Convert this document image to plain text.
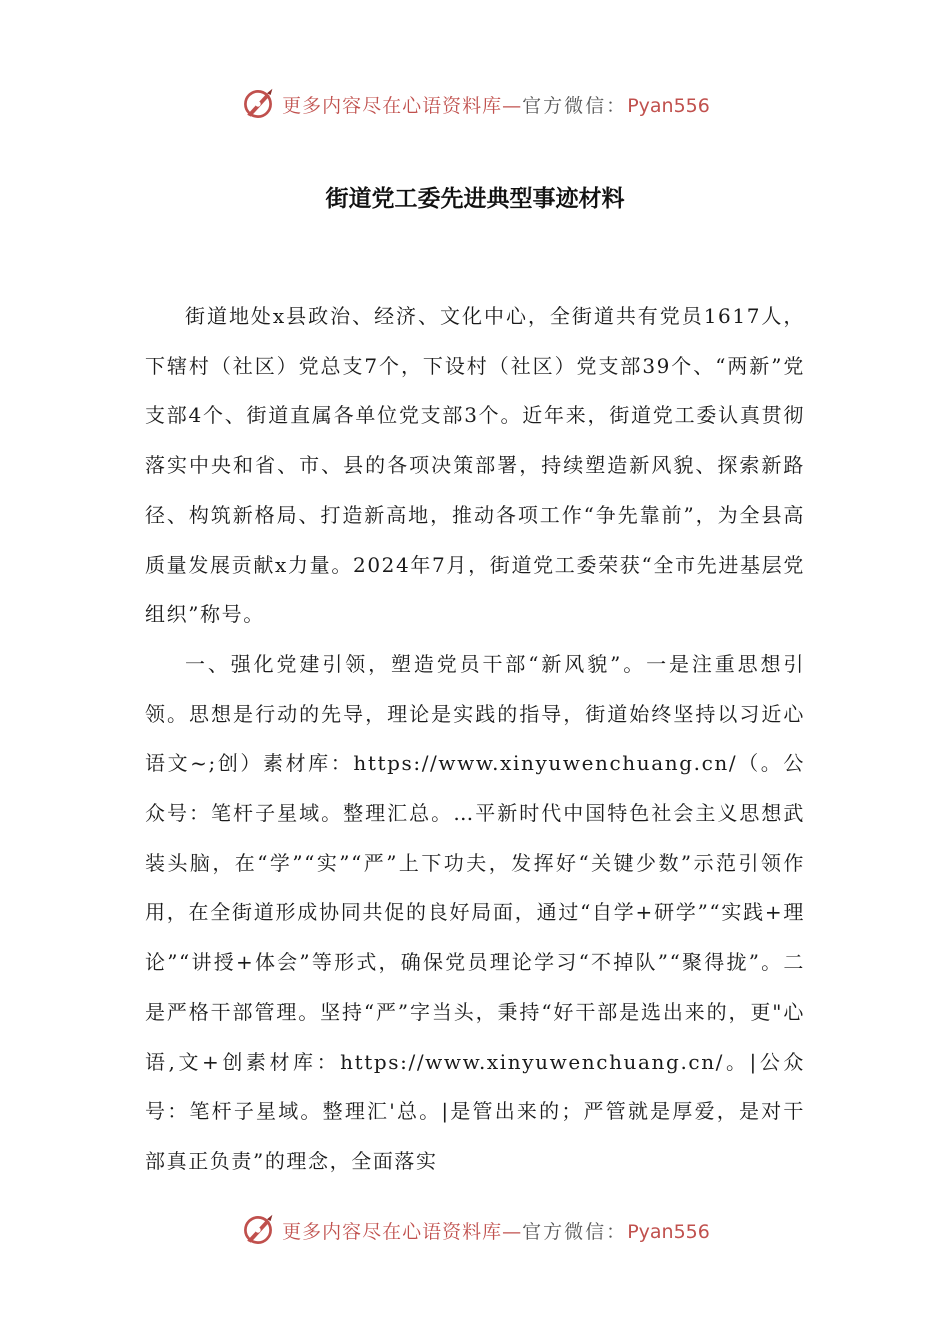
更多内容尽在心语资料库—官方微信：Pyan556
街道党工委先进典型事迹材料

街道地处x县政治、经济、文化中心，全街道共有党员1617人，下辖村（社区）党总支7个，下设村（社区）党支部39个、“两新”党支部4个、街道直属各单位党支部3个。近年来，街道党工委认真贯彻落实中央和省、市、县的各项决策部署，持续塑造新风貌、探索新路径、构筑新格局、打造新高地，推动各项工作“争先靠前”，为全县高质量发展贡献x力量。2024年7月，街道党工委荣获“全市先进基层党组织”称号。

一、强化党建引领，塑造党员干部“新风貌”。一是注重思想引领。思想是行动的先导，理论是实践的指导，街道始终坚持以习近心语文~;创）素材库：https://www.xinyuwenchuang.cn/（。公众号：笔杆子星域。整理汇总。…平新时代中国特色社会主义思想武装头脑，在“学”“实”“严”上下功夫，发挥好“关键少数”示范引领作用，在全街道形成协同共促的良好局面，通过“自学+研学”“实践+理论”“讲授+体会”等形式，确保党员理论学习“不掉队”“聚得拢”。二是严格干部管理。坚持“严”字当头，秉持“好干部是选出来的，更"心语,文+创素材库：https://www.xinyuwenchuang.cn/。|公众号：笔杆子星域。整理汇'总。|是管出来的；严管就是厚爱，是对干部真正负责”的理念，全面落实

更多内容尽在心语资料库—官方微信：Pyan556
